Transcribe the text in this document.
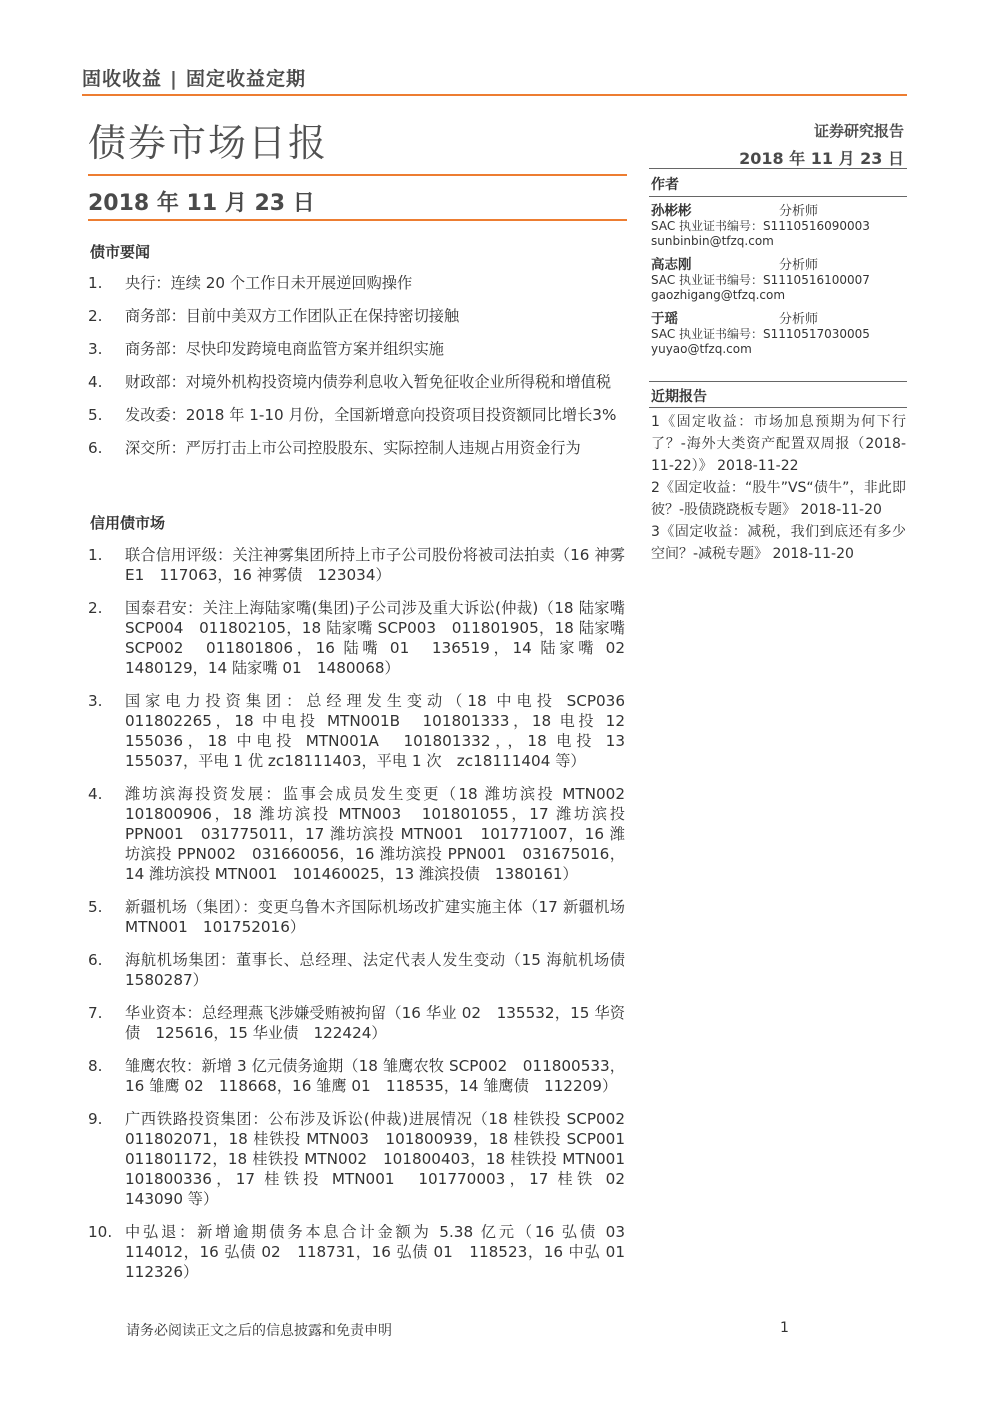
固收收益 | 固定收益定期
债券市场日报	证券研究报告
2018 年 11 月 23 日
2018 年 11 月 23 日
债市要闻
1. 央行：连续 20 个工作日未开展逆回购操作
2. 商务部：目前中美双方工作团队正在保持密切接触
3. 商务部：尽快印发跨境电商监管方案并组织实施
4. 财政部：对境外机构投资境内债券利息收入暂免征收企业所得税和增值税
5. 发改委：2018 年 1-10 月份，全国新增意向投资项目投资额同比增长3%
6. 深交所：严厉打击上市公司控股股东、实际控制人违规占用资金行为
信用债市场
1. 联合信用评级：关注神雾集团所持上市子公司股份将被司法拍卖（16 神雾 E1　117063，16 神雾债　123034）
2. 国泰君安：关注上海陆家嘴(集团)子公司涉及重大诉讼(仲裁)（18 陆家嘴 SCP004　011802105，18 陆家嘴 SCP003　011801905，18 陆家嘴 SCP002　011801806，16 陆嘴 01　136519，14 陆家嘴 02　1480129，14 陆家嘴 01　1480068）
3. 国家电力投资集团：总经理发生变动（18 中电投 SCP036　011802265，18 中电投 MTN001B　101801333，18 电投 12　155036，18 中电投 MTN001A　101801332，，18 电投 13　155037，平电 1 优 zc18111403，平电 1 次　zc18111404 等）
4. 潍坊滨海投资发展：监事会成员发生变更（18 潍坊滨投 MTN002　101800906，18 潍坊滨投 MTN003　101801055，17 潍坊滨投 PPN001　031775011，17 潍坊滨投 MTN001　101771007，16 潍坊滨投 PPN002　031660056，16 潍坊滨投 PPN001　031675016，14 潍坊滨投 MTN001　101460025，13 潍滨投债　1380161）
5. 新疆机场（集团）：变更乌鲁木齐国际机场改扩建实施主体（17 新疆机场 MTN001　101752016）
6. 海航机场集团：董事长、总经理、法定代表人发生变动（15 海航机场债　1580287）
7. 华业资本：总经理燕飞涉嫌受贿被拘留（16 华业 02　135532，15 华资债　125616，15 华业债　122424）
8. 雏鹰农牧：新增 3 亿元债务逾期（18 雏鹰农牧 SCP002　011800533，16 雏鹰 02　118668，16 雏鹰 01　118535，14 雏鹰债　112209）
9. 广西铁路投资集团：公布涉及诉讼(仲裁)进展情况（18 桂铁投 SCP002　011802071，18 桂铁投 MTN003　101800939，18 桂铁投 SCP001　011801172，18 桂铁投 MTN002　101800403，18 桂铁投 MTN001　101800336，17 桂铁投 MTN001　101770003，17 桂铁 02　143090 等）
10. 中弘退：新增逾期债务本息合计金额为 5.38 亿元（16 弘债 03　114012，16 弘债 02　118731，16 弘债 01　118523，16 中弘 01　112326）
作者
孙彬彬	分析师
SAC 执业证书编号：S1110516090003
sunbinbin@tfzq.com
高志刚	分析师
SAC 执业证书编号：S1110516100007
gaozhigang@tfzq.com
于瑶	分析师
SAC 执业证书编号：S1110517030005
yuyao@tfzq.com
近期报告
1《固定收益：市场加息预期为何下行了？-海外大类资产配置双周报（2018-11-22）》 2018-11-22
2《固定收益：“股牛”VS“债牛”，非此即彼？-股债跷跷板专题》 2018-11-20
3《固定收益：减税，我们到底还有多少空间？-减税专题》 2018-11-20
请务必阅读正文之后的信息披露和免责申明	1
